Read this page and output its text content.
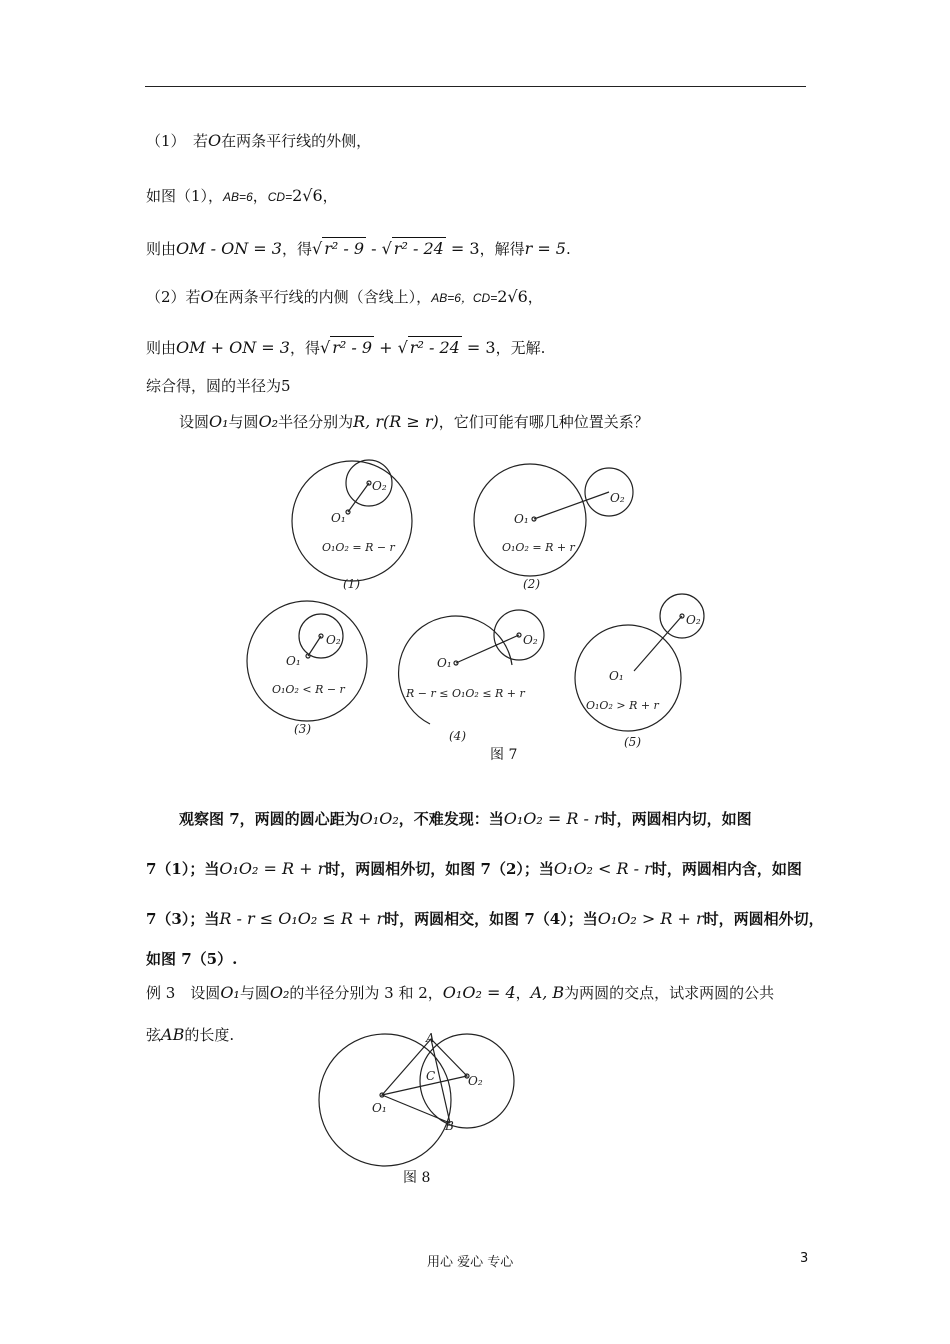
（1）　若O在两条平行线的外侧，
如图（1），AB=6，CD=2√6，
则由OM - ON = 3，得√ r² - 9 - √ r² - 24 = 3，解得r = 5.
（2）若O在两条平行线的内侧（含线上），AB=6，CD=2√6，
则由OM + ON = 3，得√ r² - 9 + √ r² - 24 = 3，无解.
综合得，圆的半径为5
设圆O₁与圆O₂半径分别为R, r(R ≥ r)，它们可能有哪几种位置关系？
O₁
O₂
O₁O₂ = R − r
(1)
O₁
O₂
O₁O₂ = R + r
(2)
O₁
O₂
O₁O₂ < R − r
(3)
O₁
O₂
R − r ≤ O₁O₂ ≤ R + r
(4)
O₁
O₂
O₁O₂ > R + r
(5)
图 7
观察图 7，两圆的圆心距为O₁O₂，不难发现：当O₁O₂ = R - r时，两圆相内切，如图
7（1）；当O₁O₂ = R + r时，两圆相外切，如图 7（2）；当O₁O₂ < R - r时，两圆相内含，如图
7（3）；当R - r ≤ O₁O₂ ≤ R + r时，两圆相交，如图 7（4）；当O₁O₂ > R + r时，两圆相外切，
如图 7（5）.
例 3　设圆O₁与圆O₂的半径分别为 3 和 2，O₁O₂ = 4，A, B为两圆的交点，试求两圆的公共
弦AB的长度.	A
B
C
O₁
O₂
图 8
用心 爱心 专心	3
